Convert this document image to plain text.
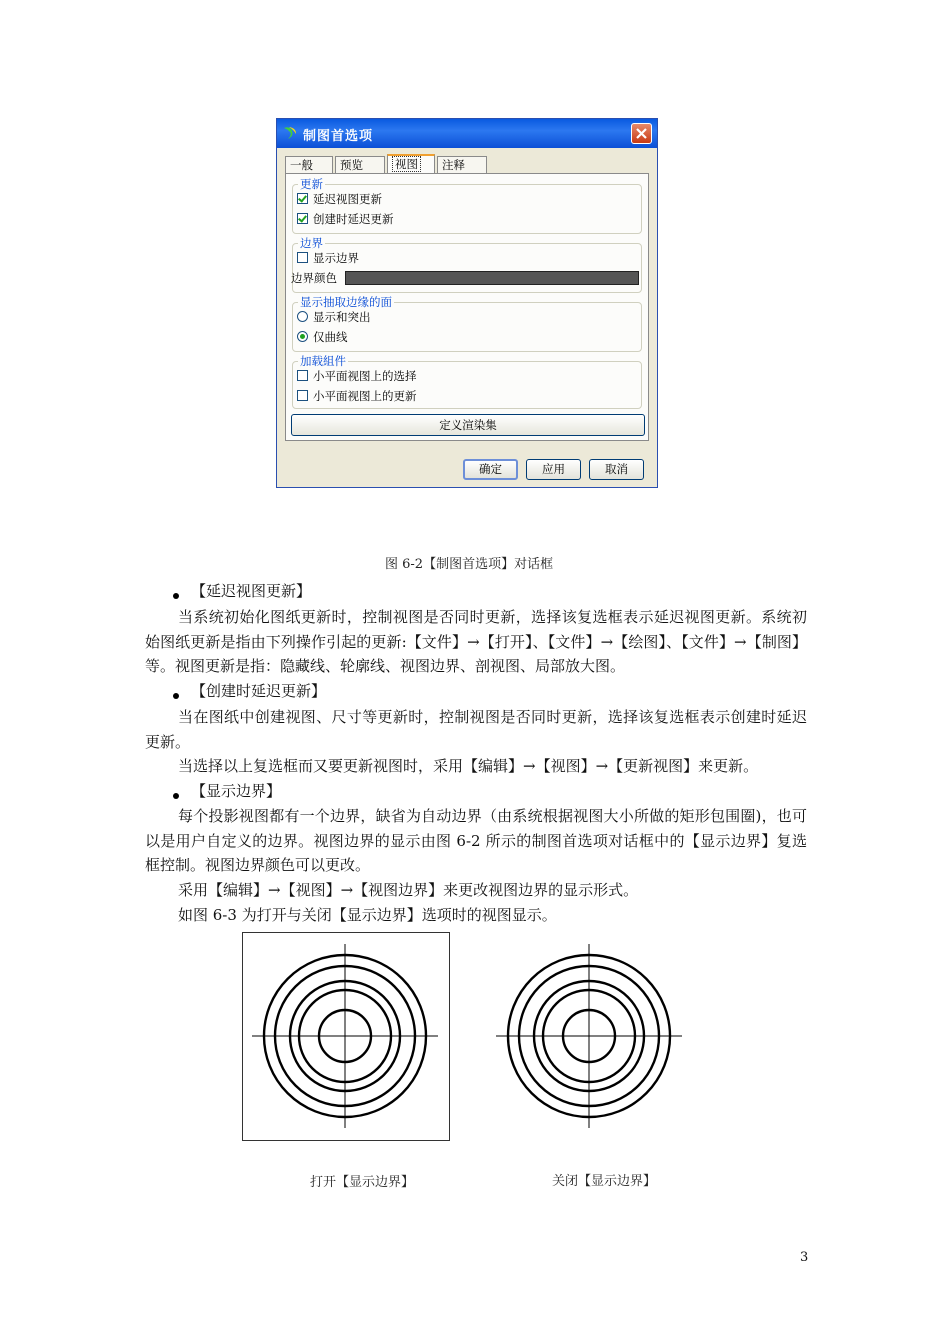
制图首选项
一般	预览	视图	注释
更新
延迟视图更新
创建时延迟更新
边界
显示边界
边界颜色
显示抽取边缘的面
显示和突出
仅曲线
加载組件
小平面视图上的选择
小平面视图上的更新
定义渲染集
确定	应用	取消
图 6-2【制图首选项】对话框
【延迟视图更新】
当系统初始化图纸更新时，控制视图是否同时更新，选择该复选框表示延迟视图更新。系统初始图纸更新是指由下列操作引起的更新:【文件】→【打开】、【文件】→【绘图】、【文件】→【制图】等。视图更新是指：隐藏线、轮廓线、视图边界、剖视图、局部放大图。
【创建时延迟更新】
当在图纸中创建视图、尺寸等更新时，控制视图是否同时更新，选择该复选框表示创建时延迟更新。
当选择以上复选框而又要更新视图时，采用【编辑】→【视图】→【更新视图】来更新。
【显示边界】
每个投影视图都有一个边界，缺省为自动边界（由系统根据视图大小所做的矩形包围圈)，也可以是用户自定义的边界。视图边界的显示由图 6-2 所示的制图首选项对话框中的【显示边界】复选框控制。视图边界颜色可以更改。
采用【编辑】→【视图】→【视图边界】来更改视图边界的显示形式。
如图 6-3 为打开与关闭【显示边界】选项时的视图显示。
打开【显示边界】	关闭【显示边界】
3
